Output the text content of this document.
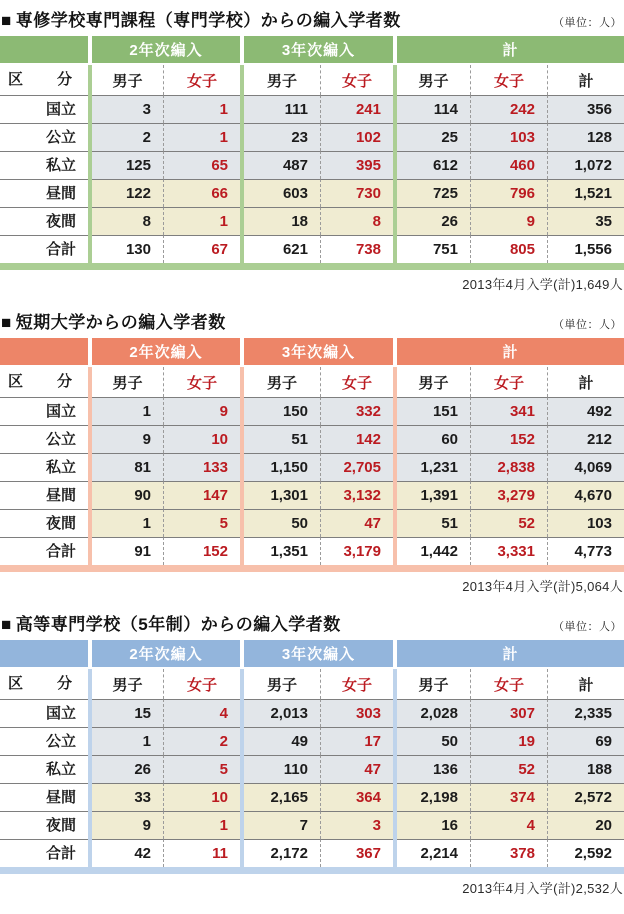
■ 専修学校専門課程（専門学校）からの編入学者数	（単位：人）
2年次編入	3年次編入	計
区分	男子	女子	男子	女子	男子	女子	計
国立	3	1	111	241	114	242	356
公立	2	1	23	102	25	103	128
私立	125	65	487	395	612	460	1,072
昼間	122	66	603	730	725	796	1,521
夜間	8	1	18	8	26	9	35
合計	130	67	621	738	751	805	1,556
2013年4月入学(計)1,649人
■ 短期大学からの編入学者数	（単位：人）
2年次編入	3年次編入	計
区分	男子	女子	男子	女子	男子	女子	計
国立	1	9	150	332	151	341	492
公立	9	10	51	142	60	152	212
私立	81	133	1,150	2,705	1,231	2,838	4,069
昼間	90	147	1,301	3,132	1,391	3,279	4,670
夜間	1	5	50	47	51	52	103
合計	91	152	1,351	3,179	1,442	3,331	4,773
2013年4月入学(計)5,064人
■ 高等専門学校（5年制）からの編入学者数	（単位：人）
2年次編入	3年次編入	計
区分	男子	女子	男子	女子	男子	女子	計
国立	15	4	2,013	303	2,028	307	2,335
公立	1	2	49	17	50	19	69
私立	26	5	110	47	136	52	188
昼間	33	10	2,165	364	2,198	374	2,572
夜間	9	1	7	3	16	4	20
合計	42	11	2,172	367	2,214	378	2,592
2013年4月入学(計)2,532人
